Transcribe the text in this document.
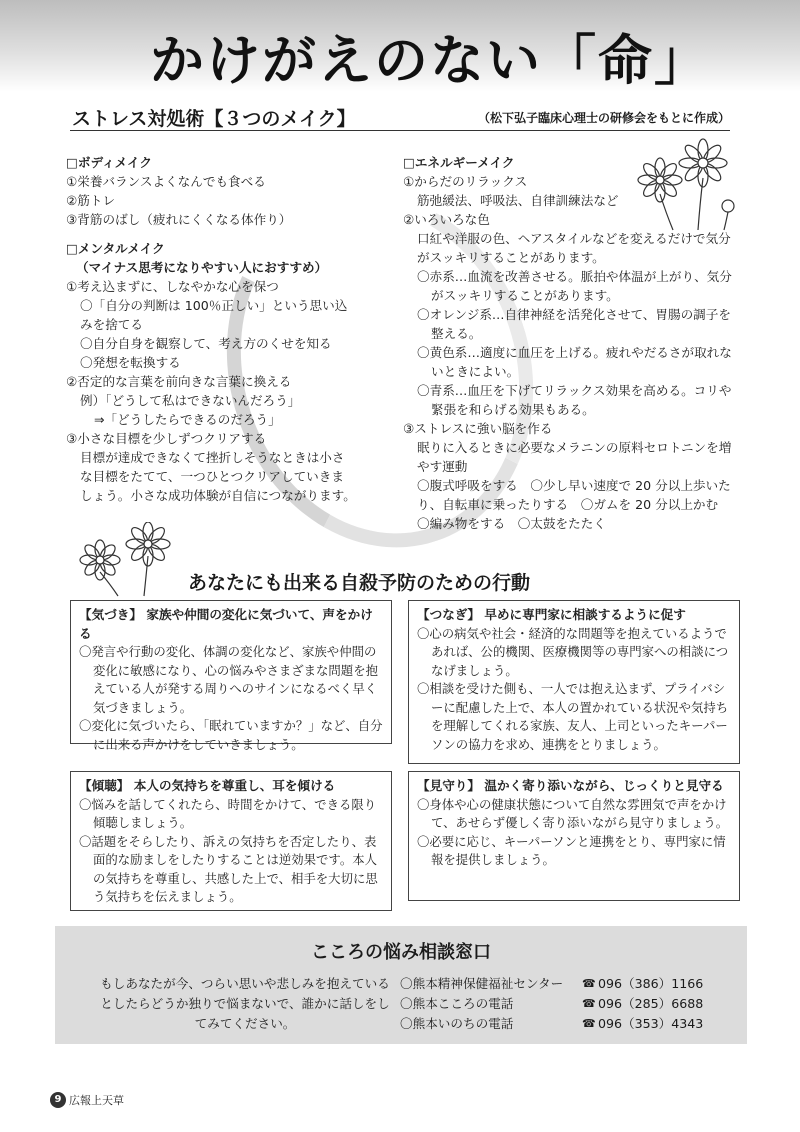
かけがえのない「命」
ストレス対処術【３つのメイク】	（松下弘子臨床心理士の研修会をもとに作成）

□ボディメイク

①栄養バランスよくなんでも食べる

②筋トレ

③背筋のばし（疲れにくくなる体作り）

□メンタルメイク

（マイナス思考になりやすい人におすすめ）

①考え込まずに、しなやかな心を保つ

〇「自分の判断は 100％正しい」という思い込みを捨てる

〇自分自身を観察して、考え方のくせを知る

〇発想を転換する

②否定的な言葉を前向きな言葉に換える

例）「どうして私はできないんだろう」

⇒「どうしたらできるのだろう」

③小さな目標を少しずつクリアする

目標が達成できなくて挫折しそうなときは小さな目標をたてて、一つひとつクリアしていきましょう。小さな成功体験が自信につながります。

□エネルギーメイク

①からだのリラックス

筋弛緩法、呼吸法、自律訓練法など

②いろいろな色

口紅や洋服の色、ヘアスタイルなどを変えるだけで気分がスッキリすることがあります。

〇赤系…血流を改善させる。脈拍や体温が上がり、気分がスッキリすることがあります。

〇オレンジ系…自律神経を活発化させて、胃腸の調子を整える。

〇黄色系…適度に血圧を上げる。疲れやだるさが取れないときによい。

〇青系…血圧を下げてリラックス効果を高める。コリや緊張を和らげる効果もある。

③ストレスに強い脳を作る

眠りに入るときに必要なメラニンの原料セロトニンを増やす運動

〇腹式呼吸をする　〇少し早い速度で 20 分以上歩いたり、自転車に乗ったりする　〇ガムを 20 分以上かむ　〇編み物をする　〇太鼓をたたく

あなたにも出来る自殺予防のための行動
【気づき】 家族や仲間の変化に気づいて、声をかける

〇発言や行動の変化、体調の変化など、家族や仲間の変化に敏感になり、心の悩みやさまざまな問題を抱えている人が発する周りへのサインになるべく早く気づきましょう。

〇変化に気づいたら、「眠れていますか？」など、自分に出来る声かけをしていきましょう。

【つなぎ】 早めに専門家に相談するように促す

〇心の病気や社会・経済的な問題等を抱えているようであれば、公的機関、医療機関等の専門家への相談につなげましょう。

〇相談を受けた側も、一人では抱え込まず、プライバシーに配慮した上で、本人の置かれている状況や気持ちを理解してくれる家族、友人、上司といったキーパーソンの協力を求め、連携をとりましょう。

【傾聴】 本人の気持ちを尊重し、耳を傾ける

〇悩みを話してくれたら、時間をかけて、できる限り傾聴しましょう。

〇話題をそらしたり、訴えの気持ちを否定したり、表面的な励ましをしたりすることは逆効果です。本人の気持ちを尊重し、共感した上で、相手を大切に思う気持ちを伝えましょう。

【見守り】 温かく寄り添いながら、じっくりと見守る

〇身体や心の健康状態について自然な雰囲気で声をかけて、あせらず優しく寄り添いながら見守りましょう。

〇必要に応じ、キーパーソンと連携をとり、専門家に情報を提供しましょう。

こころの悩み相談窓口
もしあなたが今、つらい思いや悲しみを抱えているとしたらどうか独りで悩まないで、誰かに話しをしてみてください。
〇熊本精神保健福祉センター	☎ 096（386）1166
〇熊本こころの電話	☎ 096（285）6688
〇熊本いのちの電話	☎ 096（353）4343
9 広報上天草
